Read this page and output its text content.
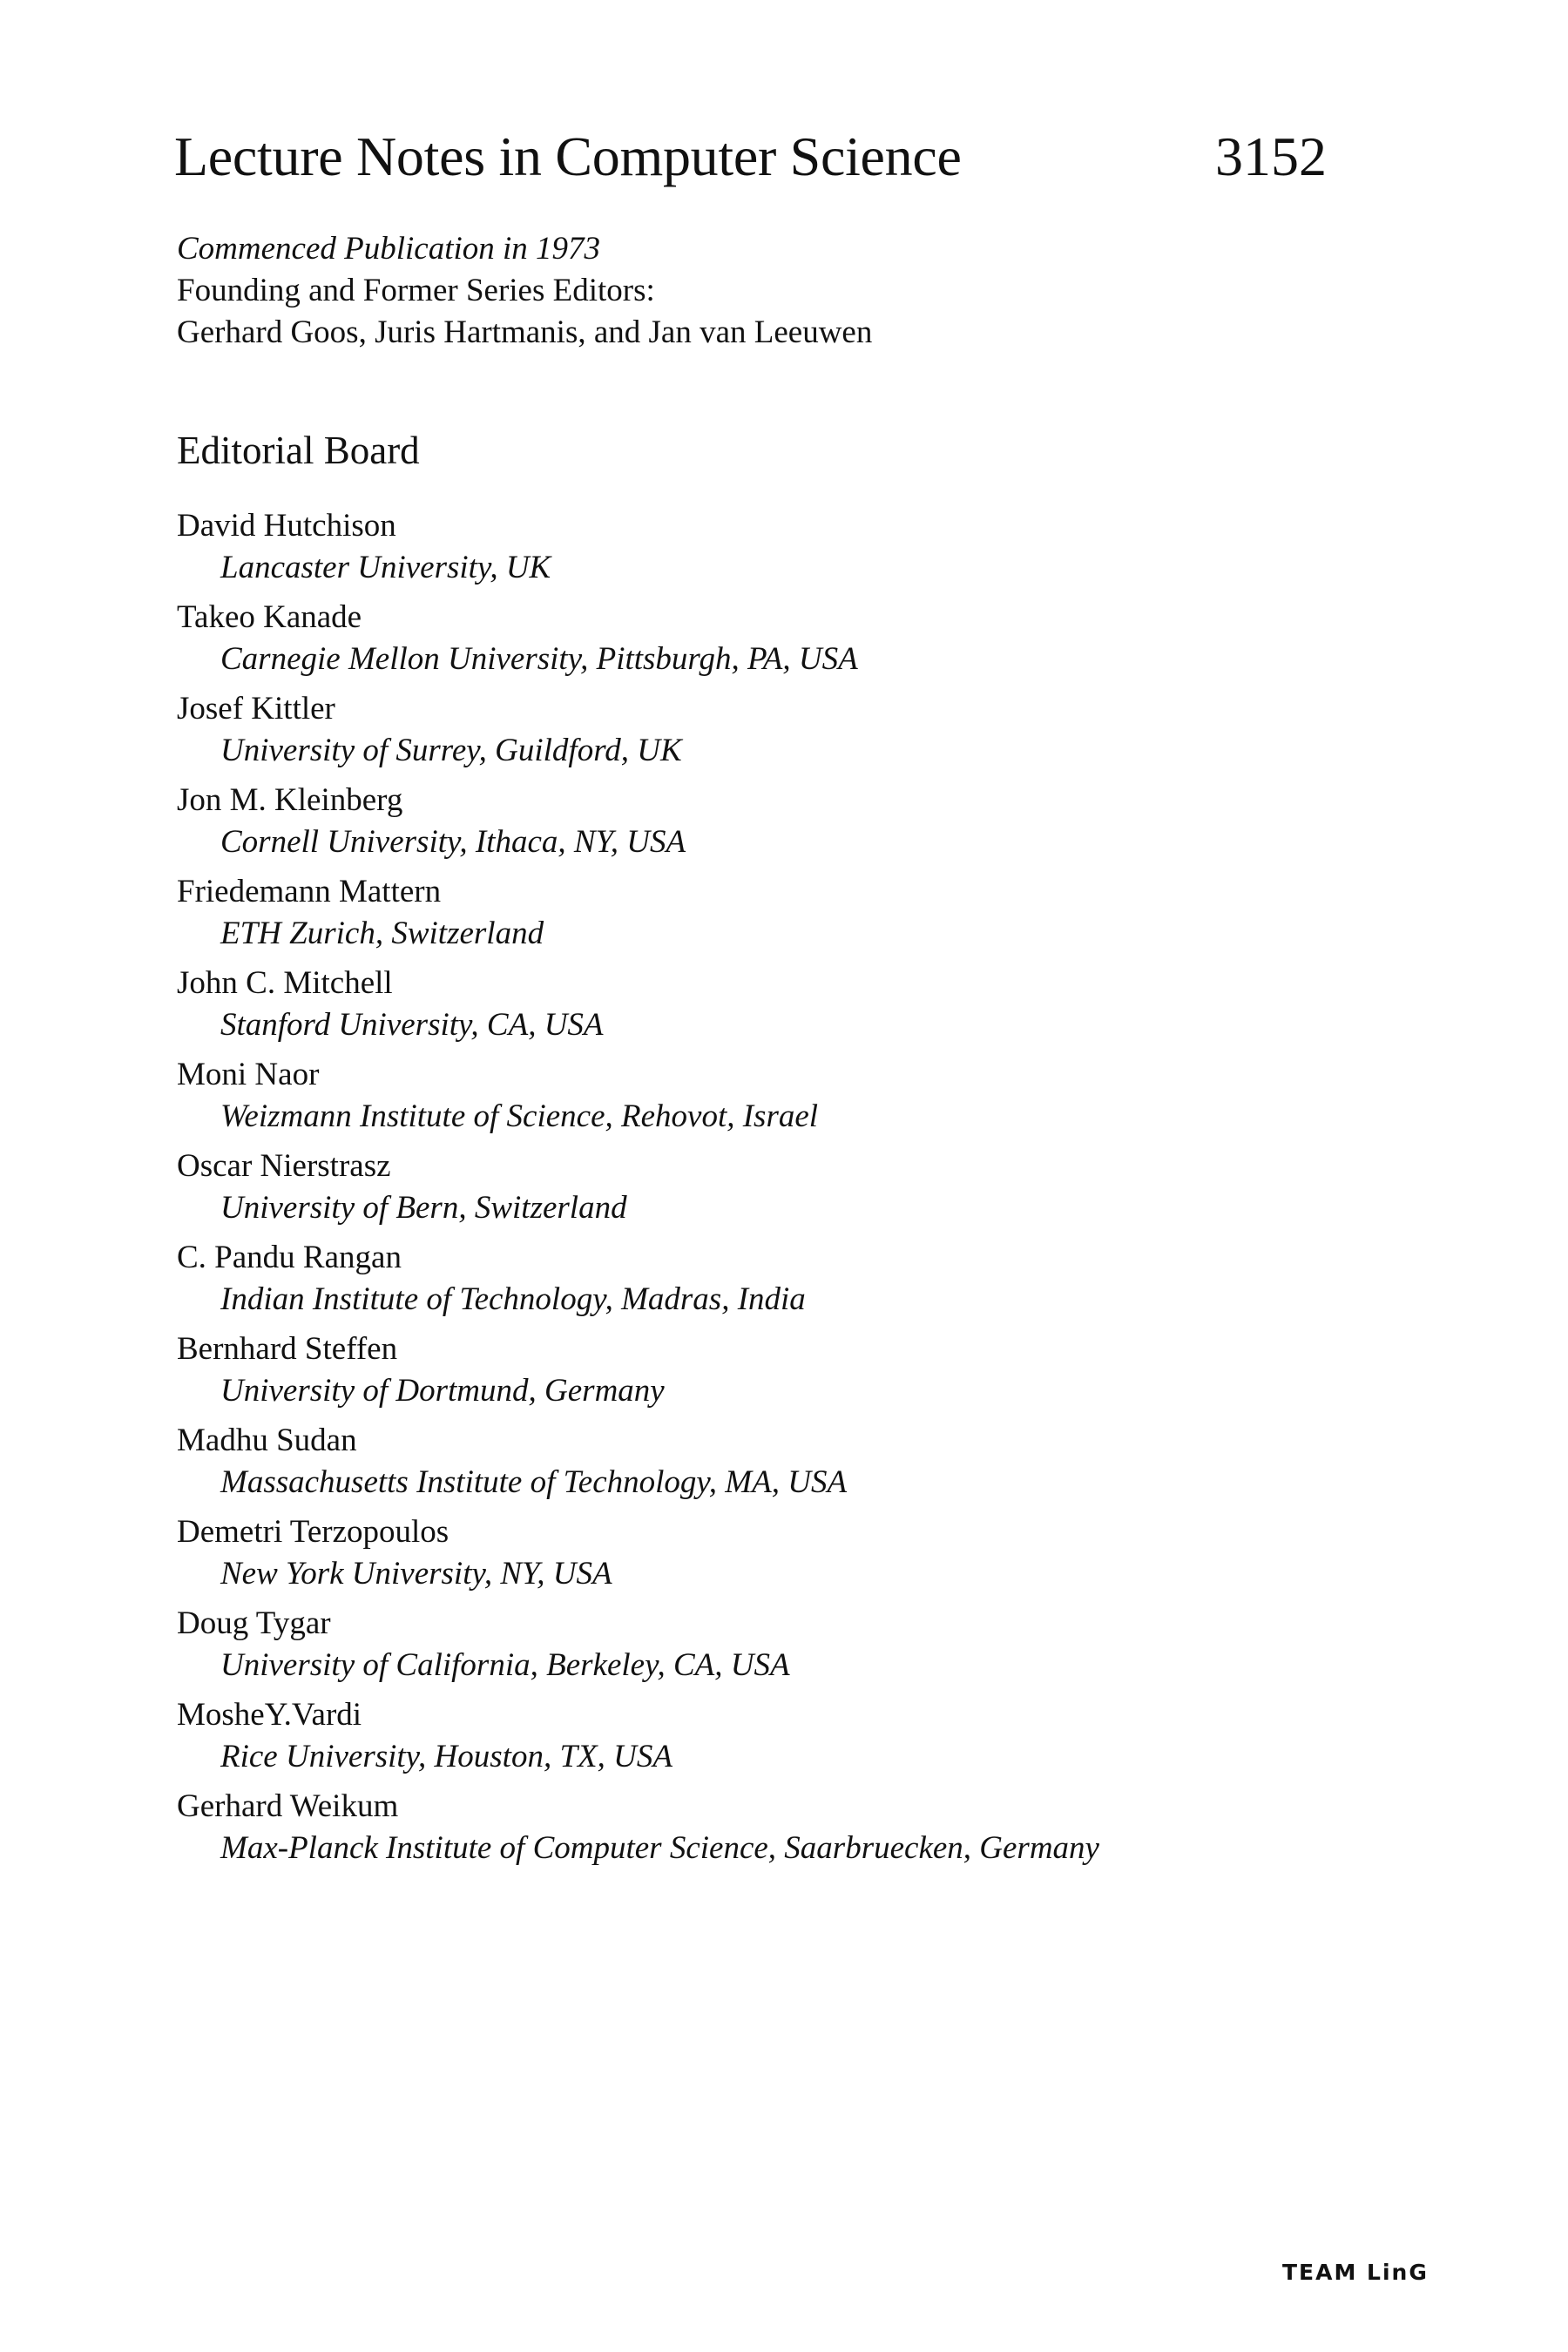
Lecture Notes in Computer Science	3152
Commenced Publication in 1973
Founding and Former Series Editors:
Gerhard Goos, Juris Hartmanis, and Jan van Leeuwen
Editorial Board
David Hutchison
Lancaster University, UK
Takeo Kanade
Carnegie Mellon University, Pittsburgh, PA, USA
Josef Kittler
University of Surrey, Guildford, UK
Jon M. Kleinberg
Cornell University, Ithaca, NY, USA
Friedemann Mattern
ETH Zurich, Switzerland
John C. Mitchell
Stanford University, CA, USA
Moni Naor
Weizmann Institute of Science, Rehovot, Israel
Oscar Nierstrasz
University of Bern, Switzerland
C. Pandu Rangan
Indian Institute of Technology, Madras, India
Bernhard Steffen
University of Dortmund, Germany
Madhu Sudan
Massachusetts Institute of Technology, MA, USA
Demetri Terzopoulos
New York University, NY, USA
Doug Tygar
University of California, Berkeley, CA, USA
MosheY.Vardi
Rice University, Houston, TX, USA
Gerhard Weikum
Max-Planck Institute of Computer Science, Saarbruecken, Germany
TEAM LinG
